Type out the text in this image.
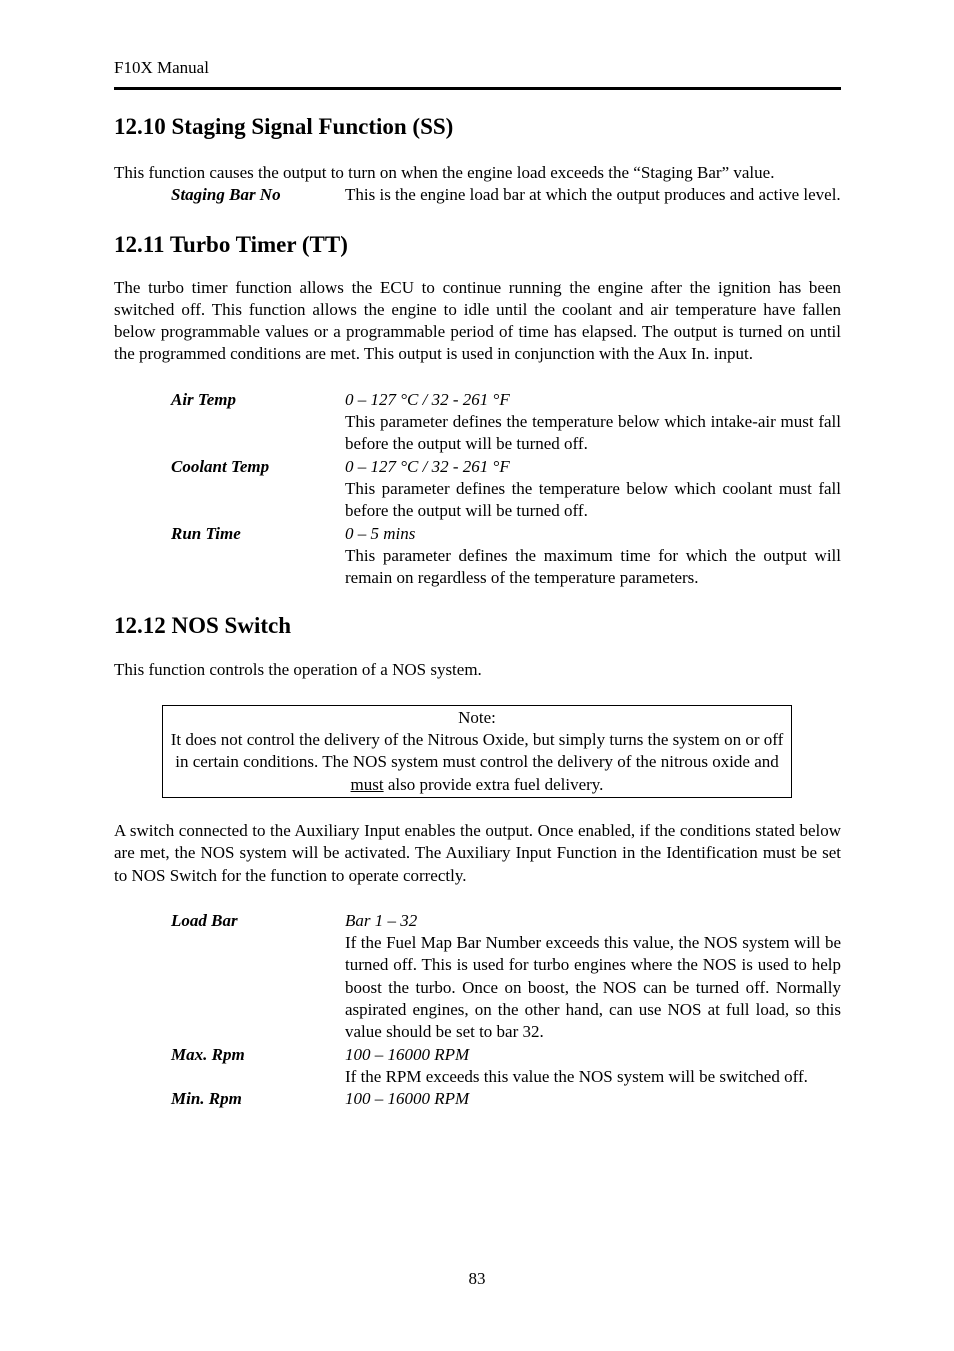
F10X Manual
12.10 Staging Signal Function (SS)

This function causes the output to turn on when the engine load exceeds the “Staging Bar” value.

Staging Bar No	This is the engine load bar at which the output produces and active level.
12.11 Turbo Timer (TT)

The turbo timer function allows the ECU to continue running the engine after the ignition has been switched off. This function allows the engine to idle until the coolant and air temperature have fallen below programmable values or a programmable period of time has elapsed. The output is turned on until the programmed conditions are met. This output is used in conjunction with the Aux In. input.

Air Temp	0 – 127 °C / 32 - 261 °F
This parameter defines the temperature below which intake-air must fall before the output will be turned off.
Coolant Temp	0 – 127 °C / 32 - 261 °F
This parameter defines the temperature below which coolant must fall before the output will be turned off.
Run Time	0 – 5 mins
This parameter defines the maximum time for which the output will remain on regardless of the temperature parameters.
12.12 NOS Switch

This function controls the operation of a NOS system.

Note:
It does not control the delivery of the Nitrous Oxide, but simply turns the system on or off in certain conditions. The NOS system must control the delivery of the nitrous oxide and must also provide extra fuel delivery.

A switch connected to the Auxiliary Input enables the output. Once enabled, if the conditions stated below are met, the NOS system will be activated. The Auxiliary Input Function in the Identification must be set to NOS Switch for the function to operate correctly.

Load Bar	Bar 1 – 32
If the Fuel Map Bar Number exceeds this value, the NOS system will be turned off. This is used for turbo engines where the NOS is used to help boost the turbo. Once on boost, the NOS can be turned off. Normally aspirated engines, on the other hand, can use NOS at full load, so this value should be set to bar 32.
Max. Rpm	100 – 16000 RPM
If the RPM exceeds this value the NOS system will be switched off.
Min. Rpm	100 – 16000 RPM
83
